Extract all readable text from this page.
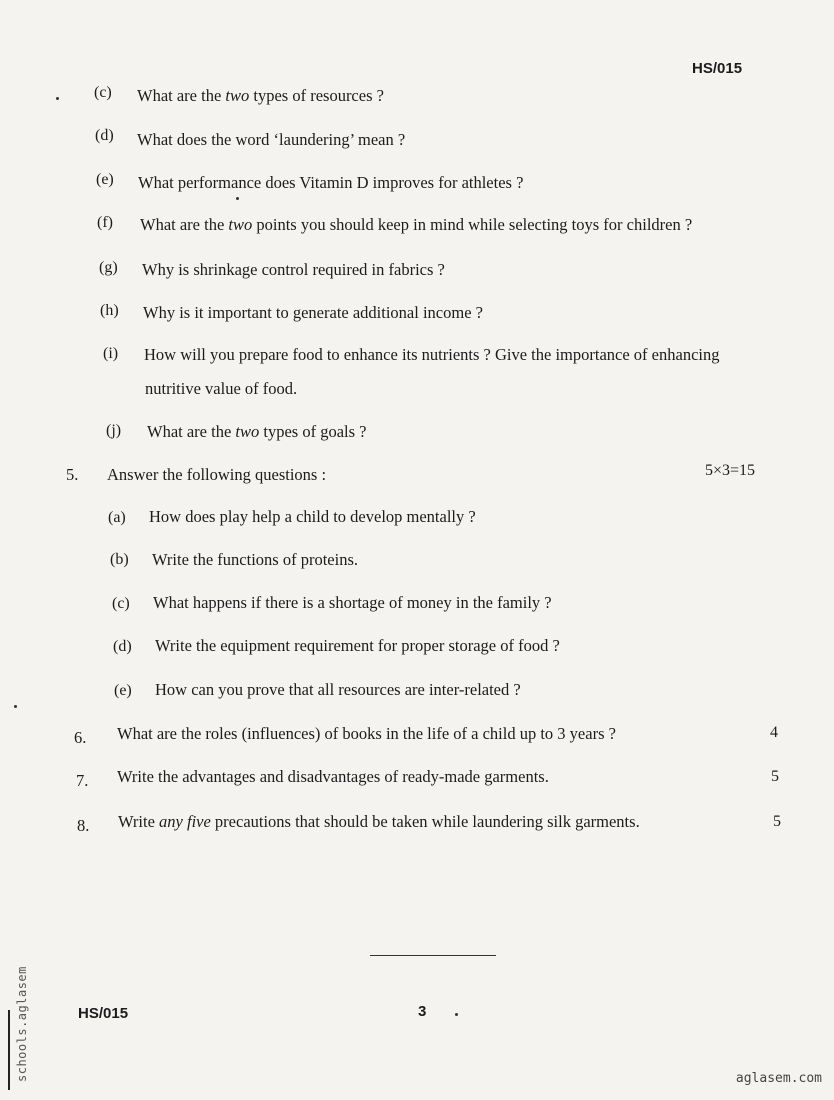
HS/015
(c) What are the two types of resources ?
(d) What does the word ‘laundering’ mean ?
(e) What performance does Vitamin D improves for athletes ?
(f) What are the two points you should keep in mind while selecting toys for children ?
(g) Why is shrinkage control required in fabrics ?
(h) Why is it important to generate additional income ?
(i) How will you prepare food to enhance its nutrients ? Give the importance of enhancing
nutritive value of food.
(j) What are the two types of goals ?
5. Answer the following questions :	5×3=15
(a) How does play help a child to develop mentally ?
(b) Write the functions of proteins.
(c) What happens if there is a shortage of money in the family ?
(d) Write the equipment requirement for proper storage of food ?
(e) How can you prove that all resources are inter-related ?
6. What are the roles (influences) of books in the life of a child up to 3 years ?	4
7. Write the advantages and disadvantages of ready-made garments.	5
8. Write any five precautions that should be taken while laundering silk garments.	5
HS/015	3
schools.aglasem	aglasem.com
